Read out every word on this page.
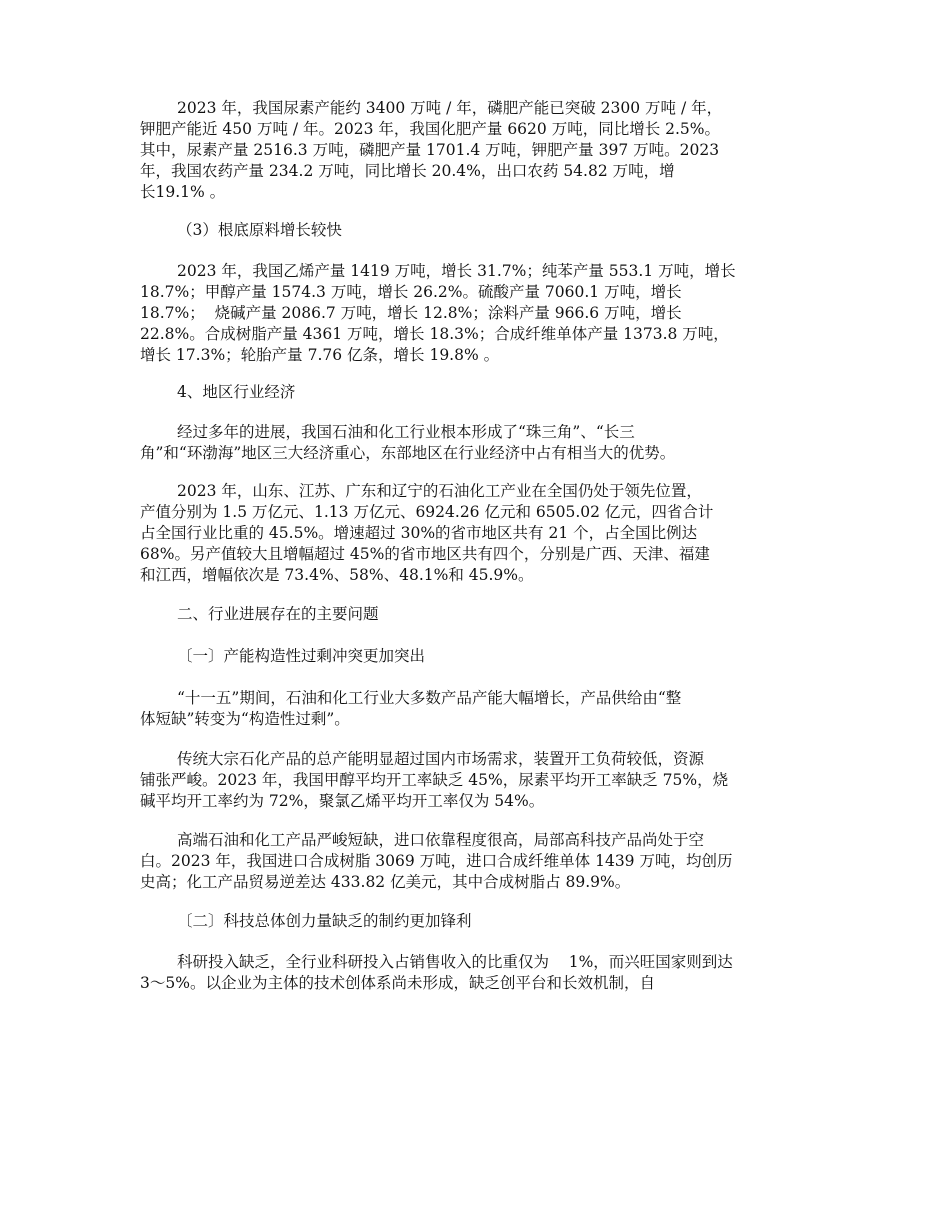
2023 年，我国尿素产能约 3400 万吨 / 年，磷肥产能已突破 2300 万吨 / 年，
钾肥产能近 450 万吨 / 年。2023 年，我国化肥产量 6620 万吨，同比增长 2.5%。
其中，尿素产量 2516.3 万吨，磷肥产量 1701.4 万吨，钾肥产量 397 万吨。2023
年，我国农药产量 234.2 万吨，同比增长 20.4%，出口农药 54.82 万吨，增
长19.1% 。
（3）根底原料增长较快
2023 年，我国乙烯产量 1419 万吨，增长 31.7%；纯苯产量 553.1 万吨，增长
18.7%；甲醇产量 1574.3 万吨，增长 26.2%。硫酸产量 7060.1 万吨，增长
18.7%；  烧碱产量 2086.7 万吨，增长 12.8%；涂料产量 966.6 万吨，增长
22.8%。合成树脂产量 4361 万吨，增长 18.3%；合成纤维单体产量 1373.8 万吨，
增长 17.3%；轮胎产量 7.76 亿条，增长 19.8% 。
4、地区行业经济
经过多年的进展，我国石油和化工行业根本形成了“珠三角”、“长三
角”和“环渤海”地区三大经济重心，东部地区在行业经济中占有相当大的优势。
2023 年，山东、江苏、广东和辽宁的石油化工产业在全国仍处于领先位置，
产值分别为 1.5 万亿元、1.13 万亿元、6924.26 亿元和 6505.02 亿元，四省合计
占全国行业比重的 45.5%。增速超过 30%的省市地区共有 21 个，占全国比例达
68%。另产值较大且增幅超过 45%的省市地区共有四个，分别是广西、天津、福建
和江西，增幅依次是 73.4%、58%、48.1%和 45.9%。
二、行业进展存在的主要问题
〔一〕产能构造性过剩冲突更加突出
“十一五”期间，石油和化工行业大多数产品产能大幅增长，产品供给由“整
体短缺”转变为“构造性过剩”。
传统大宗石化产品的总产能明显超过国内市场需求，装置开工负荷较低，资源
铺张严峻。2023 年，我国甲醇平均开工率缺乏 45%，尿素平均开工率缺乏 75%，烧
碱平均开工率约为 72%，聚氯乙烯平均开工率仅为 54%。
高端石油和化工产品严峻短缺，进口依靠程度很高，局部高科技产品尚处于空
白。2023 年，我国进口合成树脂 3069 万吨，进口合成纤维单体 1439 万吨，均创历
史高；化工产品贸易逆差达 433.82 亿美元，其中合成树脂占 89.9%。
〔二〕科技总体创力量缺乏的制约更加锋利
科研投入缺乏，全行业科研投入占销售收入的比重仅为    1%，而兴旺国家则到达
3～5%。以企业为主体的技术创体系尚未形成，缺乏创平台和长效机制，自
